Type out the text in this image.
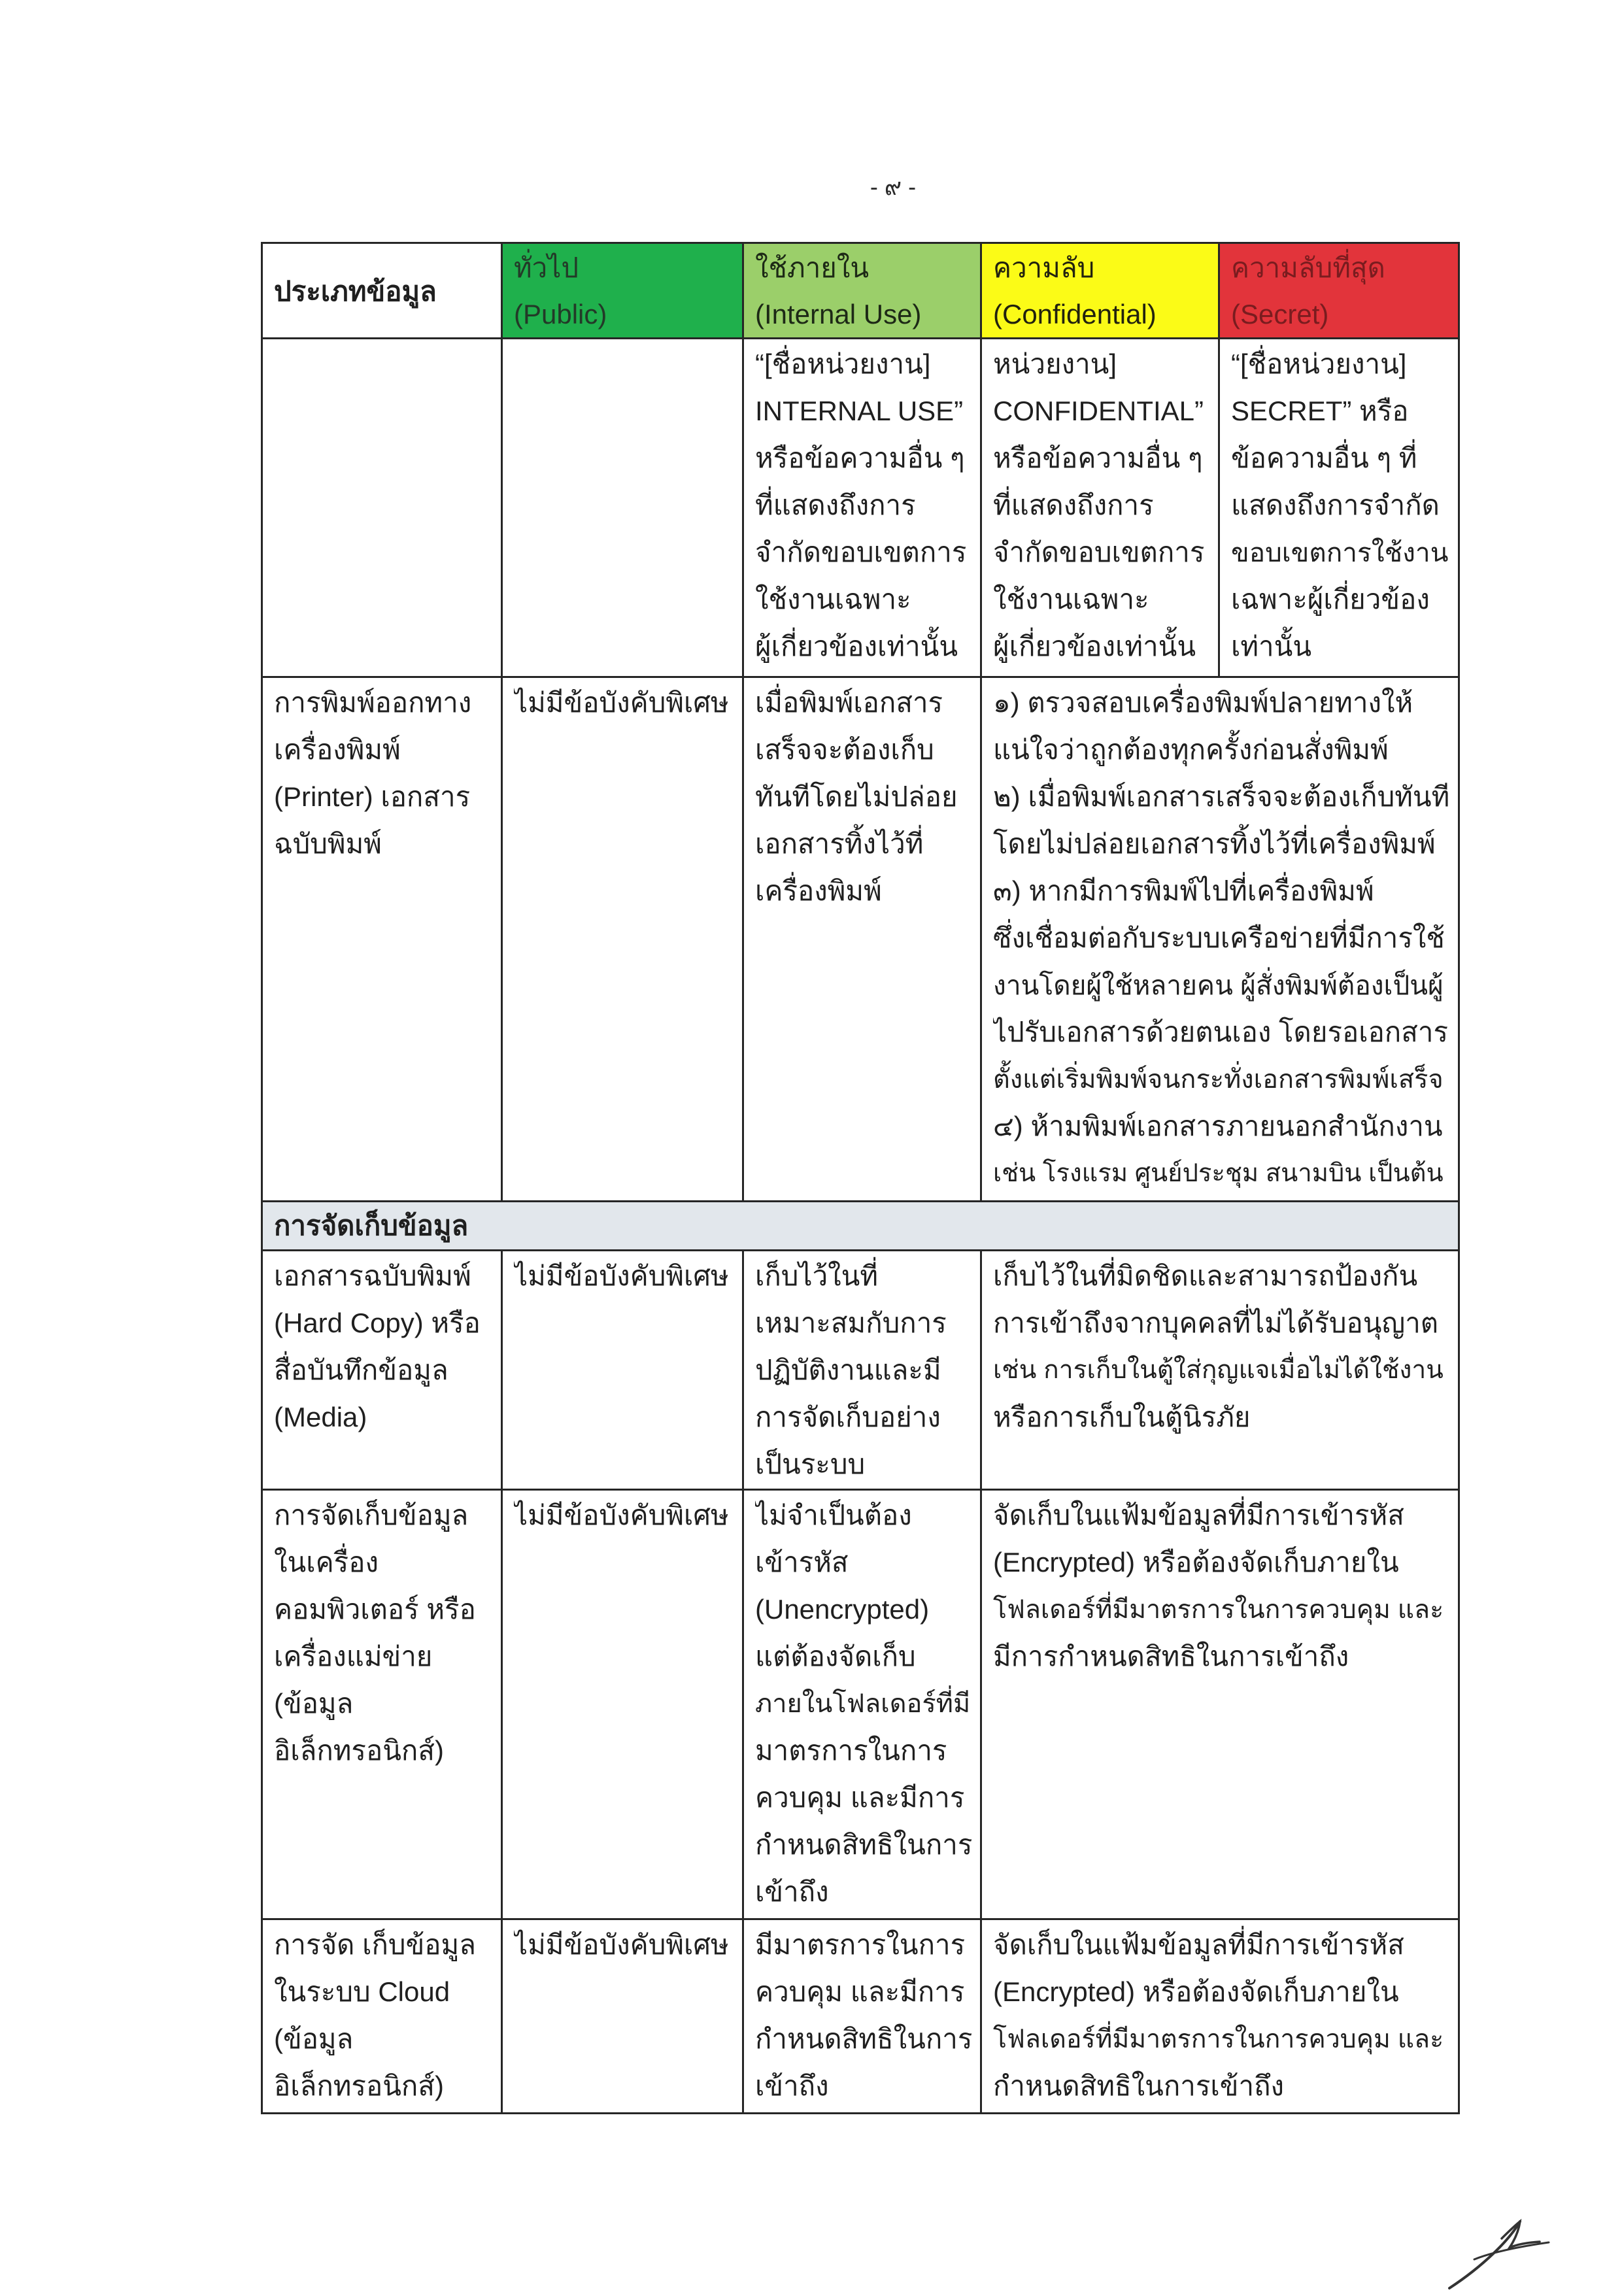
- ๙ -
ประเภทข้อมูล
ทั่วไป
(Public)
ใช้ภายใน
(Internal Use)
ความลับ
(Confidential)
ความลับที่สุด
(Secret)
“[ชื่อหน่วยงาน]
INTERNAL USE”
หรือข้อความอื่น ๆ
ที่แสดงถึงการ
จำกัดขอบเขตการ
ใช้งานเฉพาะ
ผู้เกี่ยวข้องเท่านั้น
หน่วยงาน]
CONFIDENTIAL”
หรือข้อความอื่น ๆ
ที่แสดงถึงการ
จำกัดขอบเขตการ
ใช้งานเฉพาะ
ผู้เกี่ยวข้องเท่านั้น
“[ชื่อหน่วยงาน]
SECRET” หรือ
ข้อความอื่น ๆ ที่
แสดงถึงการจำกัด
ขอบเขตการใช้งาน
เฉพาะผู้เกี่ยวข้อง
เท่านั้น
การพิมพ์ออกทาง
เครื่องพิมพ์
(Printer) เอกสาร
ฉบับพิมพ์
ไม่มีข้อบังคับพิเศษ เมื่อพิมพ์เอกสาร
เสร็จจะต้องเก็บ
ทันทีโดยไม่ปล่อย
เอกสารทิ้งไว้ที่
เครื่องพิมพ์
๑) ตรวจสอบเครื่องพิมพ์ปลายทางให้
แน่ใจว่าถูกต้องทุกครั้งก่อนสั่งพิมพ์
๒) เมื่อพิมพ์เอกสารเสร็จจะต้องเก็บทันที
โดยไม่ปล่อยเอกสารทิ้งไว้ที่เครื่องพิมพ์
๓) หากมีการพิมพ์ไปที่เครื่องพิมพ์
ซึ่งเชื่อมต่อกับระบบเครือข่ายที่มีการใช้
งานโดยผู้ใช้หลายคน ผู้สั่งพิมพ์ต้องเป็นผู้
ไปรับเอกสารด้วยตนเอง โดยรอเอกสาร
ตั้งแต่เริ่มพิมพ์จนกระทั่งเอกสารพิมพ์เสร็จ
๔) ห้ามพิมพ์เอกสารภายนอกสำนักงาน
เช่น โรงแรม ศูนย์ประชุม สนามบิน เป็นต้น
การจัดเก็บข้อมูล
เอกสารฉบับพิมพ์
(Hard Copy) หรือ
สื่อบันทึกข้อมูล
(Media)
ไม่มีข้อบังคับพิเศษ เก็บไว้ในที่
เหมาะสมกับการ
ปฏิบัติงานและมี
การจัดเก็บอย่าง
เป็นระบบ
เก็บไว้ในที่มิดชิดและสามารถป้องกัน
การเข้าถึงจากบุคคลที่ไม่ได้รับอนุญาต
เช่น การเก็บในตู้ใส่กุญแจเมื่อไม่ได้ใช้งาน
หรือการเก็บในตู้นิรภัย
การจัดเก็บข้อมูล
ในเครื่อง
คอมพิวเตอร์ หรือ
เครื่องแม่ข่าย
(ข้อมูล
อิเล็กทรอนิกส์)
ไม่มีข้อบังคับพิเศษ ไม่จำเป็นต้อง
เข้ารหัส
(Unencrypted)
แต่ต้องจัดเก็บ
ภายในโฟลเดอร์ที่มี
มาตรการในการ
ควบคุม และมีการ
กำหนดสิทธิในการ
เข้าถึง
จัดเก็บในแฟ้มข้อมูลที่มีการเข้ารหัส
(Encrypted) หรือต้องจัดเก็บภายใน
โฟลเดอร์ที่มีมาตรการในการควบคุม และ
มีการกำหนดสิทธิในการเข้าถึง
การจัด เก็บข้อมูล
ในระบบ Cloud
(ข้อมูล
อิเล็กทรอนิกส์)
ไม่มีข้อบังคับพิเศษ มีมาตรการในการ
ควบคุม และมีการ
กำหนดสิทธิในการ
เข้าถึง
จัดเก็บในแฟ้มข้อมูลที่มีการเข้ารหัส
(Encrypted) หรือต้องจัดเก็บภายใน
โฟลเดอร์ที่มีมาตรการในการควบคุม และ
กำหนดสิทธิในการเข้าถึง
